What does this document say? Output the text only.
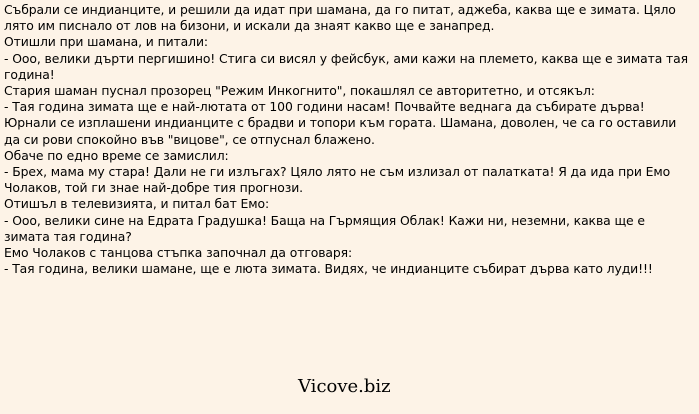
Събрали се индианците, и решили да идат при шамана, да го питат, аджеба, каква ще е зимата. Цяло лято им писнало от лов на бизони, и искали да знаят какво ще е занапред.

Отишли при шамана, и питали:

- Ооо, велики дърти пергишино! Стига си висял у фейсбук, ами кажи на племето, каква ще е зимата тая година!

Стария шаман пуснал прозорец "Режим Инкогнито", покашлял се авторитетно, и отсякъл:

- Тая година зимата ще е най-лютата от 100 години насам! Почвайте веднага да събирате дърва!

Юрнали се изплашени индианците с брадви и топори към гората. Шамана, доволен, че са го оставили да си рови спокойно във "вицове", се отпуснал блажено.

Обаче по едно време се замислил:

- Брех, мама му стара! Дали не ги излъгах? Цяло лято не съм излизал от палатката! Я да ида при Емо Чолаков, той ги знае най-добре тия прогнози.

Отишъл в телевизията, и питал бат Емо:

- Ооо, велики сине на Едрата Градушка! Баща на Гърмящия Облак! Кажи ни, неземни, каква ще е зимата тая година?

Емо Чолаков с танцова стъпка започнал да отговаря:

- Тая година, велики шамане, ще е люта зимата. Видях, че индианците събират дърва като луди!!!

Vicove.biz
